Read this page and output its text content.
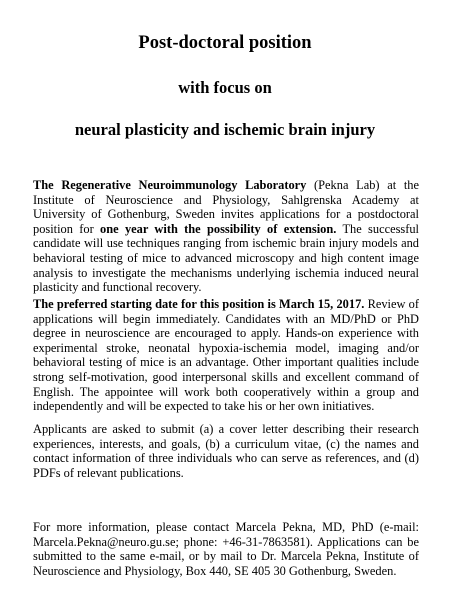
Post-doctoral position
with focus on
neural plasticity and ischemic brain injury

The Regenerative Neuroimmunology Laboratory (Pekna Lab) at the Institute of Neuroscience and Physiology, Sahlgrenska Academy at University of Gothenburg, Sweden invites applications for a postdoctoral position for one year with the possibility of extension. The successful candidate will use techniques ranging from ischemic brain injury models and behavioral testing of mice to advanced microscopy and high content image analysis to investigate the mechanisms underlying ischemia induced neural plasticity and functional recovery.

The preferred starting date for this position is March 15, 2017. Review of applications will begin immediately. Candidates with an MD/PhD or PhD degree in neuroscience are encouraged to apply. Hands-on experience with experimental stroke, neonatal hypoxia-ischemia model, imaging and/or behavioral testing of mice is an advantage. Other important qualities include strong self-motivation, good interpersonal skills and excellent command of English. The appointee will work both cooperatively within a group and independently and will be expected to take his or her own initiatives.

Applicants are asked to submit (a) a cover letter describing their research experiences, interests, and goals, (b) a curriculum vitae, (c) the names and contact information of three individuals who can serve as references, and (d) PDFs of relevant publications.

For more information, please contact Marcela Pekna, MD, PhD (e-mail: Marcela.Pekna@neuro.gu.se; phone: +46-31-7863581). Applications can be submitted to the same e-mail, or by mail to Dr. Marcela Pekna, Institute of Neuroscience and Physiology, Box 440, SE 405 30 Gothenburg, Sweden.
